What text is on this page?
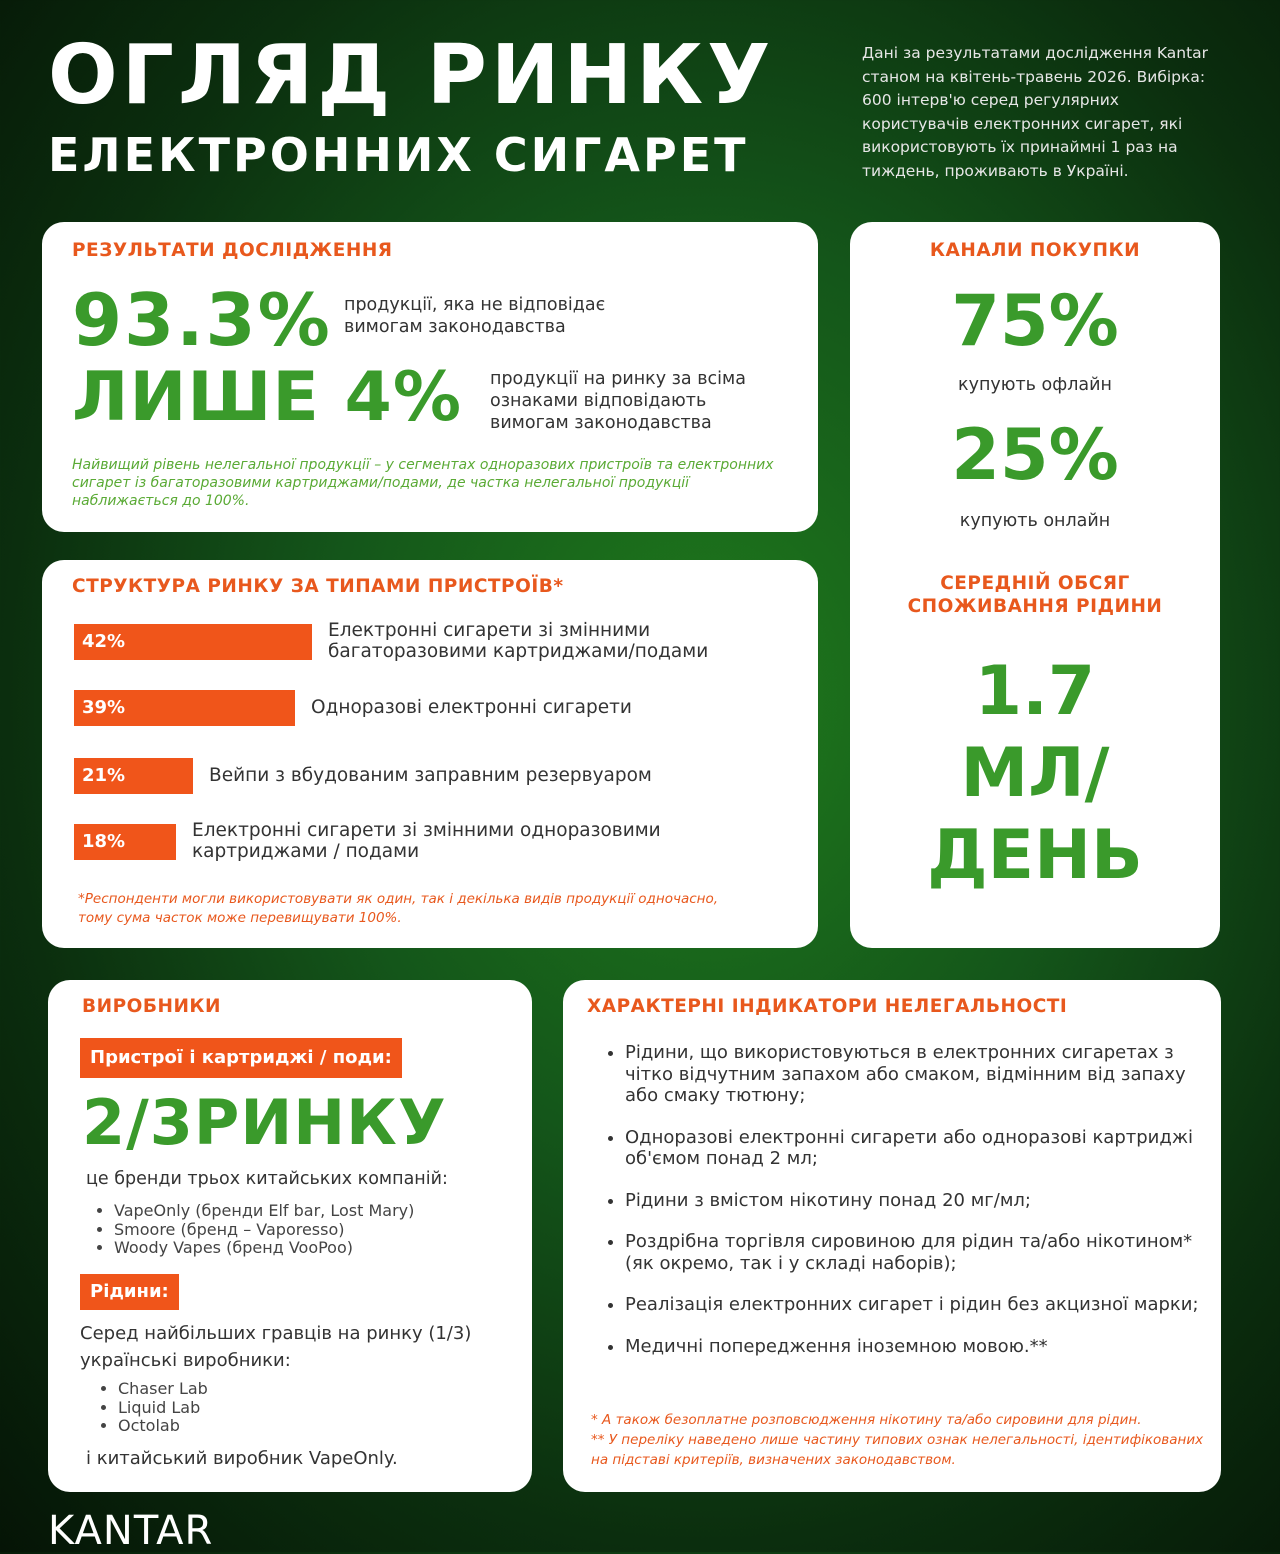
ОГЛЯД РИНКУ
ЕЛЕКТРОННИХ СИГАРЕТ
Дані за результатами дослідження Kantar станом на квітень-травень 2026. Вибірка: 600 інтерв'ю серед регулярних користувачів електронних сигарет, які використовують їх принаймні 1 раз на тиждень, проживають в Україні.
РЕЗУЛЬТАТИ ДОСЛІДЖЕННЯ
93.3% продукції, яка не відповідає вимогам законодавства
ЛИШЕ 4% продукції на ринку за всіма ознаками відповідають вимогам законодавства
Найвищий рівень нелегальної продукції – у сегментах одноразових пристроїв та електронних сигарет із багаторазовими картриджами/подами, де частка нелегальної продукції наближається до 100%.
СТРУКТУРА РИНКУ ЗА ТИПАМИ ПРИСТРОЇВ*
42%
Електронні сигарети зі змінними багаторазовими картриджами/подами
39%	Одноразові електронні сигарети
21%	Вейпи з вбудованим заправним резервуаром
18%
Електронні сигарети зі змінними одноразовими картриджами / подами
*Респонденти могли використовувати як один, так і декілька видів продукції одночасно, тому сума часток може перевищувати 100%.
КАНАЛИ ПОКУПКИ
75%
купують офлайн
25%
купують онлайн
СЕРЕДНІЙ ОБСЯГ
СПОЖИВАННЯ РІДИНИ
1.7
МЛ/
ДЕНЬ
ВИРОБНИКИ
Пристрої і картриджі / поди:
2/3РИНКУ
це бренди трьох китайських компаній:
• VapeOnly (бренди Elf bar, Lost Mary)
• Smoore (бренд – Vaporesso)
• Woody Vapes (бренд VooPoo)
Рідини:
Серед найбільших гравців на ринку (1/3) українські виробники:
• Chaser Lab
• Liquid Lab
• Octolab
і китайський виробник VapeOnly.
ХАРАКТЕРНІ ІНДИКАТОРИ НЕЛЕГАЛЬНОСТІ
• Рідини, що використовуються в електронних сигаретах з чітко відчутним запахом або смаком, відмінним від запаху або смаку тютюну;
• Одноразові електронні сигарети або одноразові картриджі об'ємом понад 2 мл;
• Рідини з вмістом нікотину понад 20 мг/мл;
• Роздрібна торгівля сировиною для рідин та/або нікотином* (як окремо, так і у складі наборів);
• Реалізація електронних сигарет і рідин без акцизної марки;
• Медичні попередження іноземною мовою.**
* А також безоплатне розповсюдження нікотину та/або сировини для рідин.
** У переліку наведено лише частину типових ознак нелегальності, ідентифікованих на підставі критеріїв, визначених законодавством.
KANTAR
